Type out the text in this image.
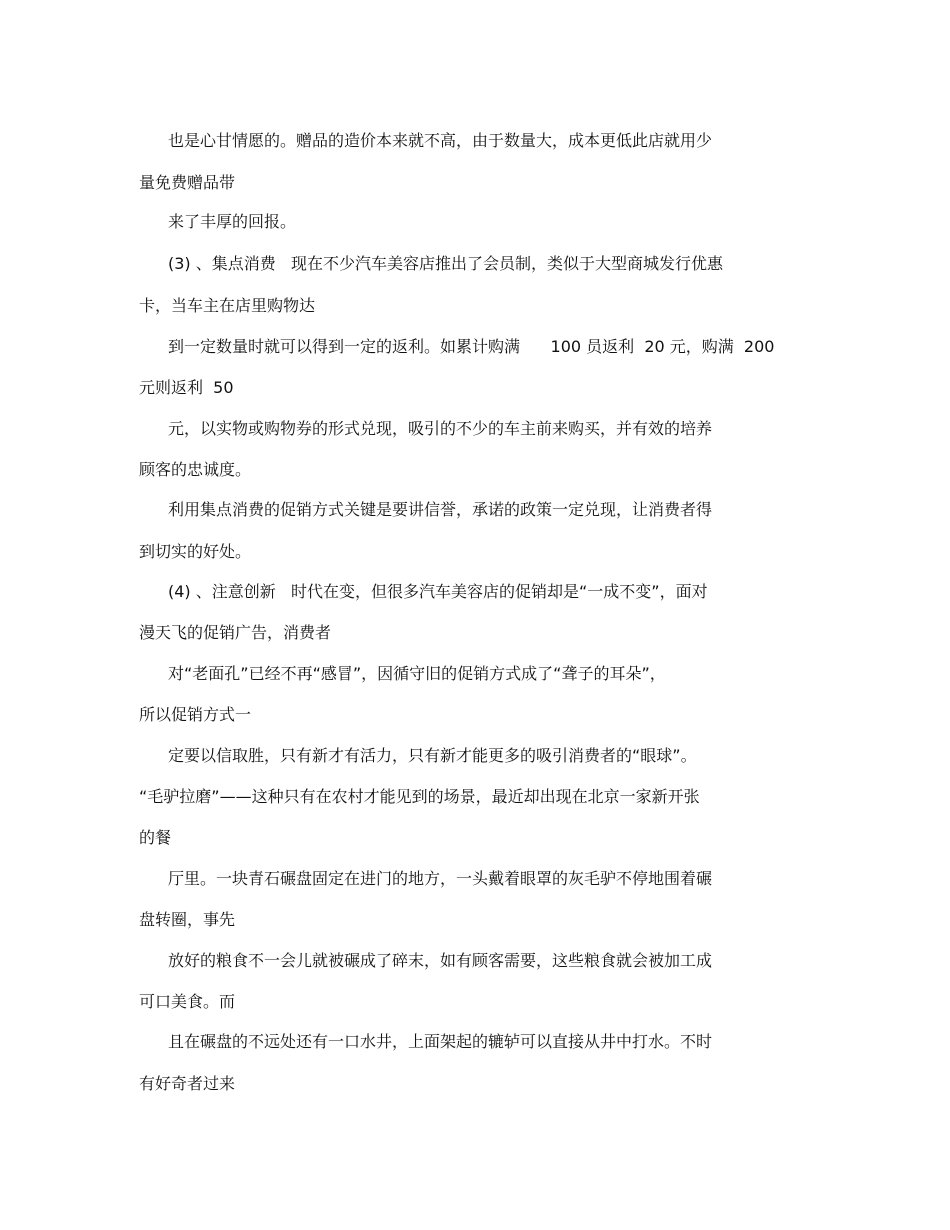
也是心甘情愿的。赠品的造价本来就不高，由于数量大，成本更低此店就用少
量免费赠品带
来了丰厚的回报。
(3) 、集点消费   现在不少汽车美容店推出了会员制，类似于大型商城发行优惠
卡，当车主在店里购物达
到一定数量时就可以得到一定的返利。如累计购满      100 员返利  20 元，购满  200
元则返利  50
元，以实物或购物券的形式兑现，吸引的不少的车主前来购买，并有效的培养
顾客的忠诚度。
利用集点消费的促销方式关键是要讲信誉，承诺的政策一定兑现，让消费者得
到切实的好处。
(4) 、注意创新   时代在变，但很多汽车美容店的促销却是“一成不变”，面对
漫天飞的促销广告，消费者
对“老面孔”已经不再“感冒”，因循守旧的促销方式成了“聋子的耳朵”，
所以促销方式一
定要以信取胜，只有新才有活力，只有新才能更多的吸引消费者的“眼球”。
“毛驴拉磨”——这种只有在农村才能见到的场景，最近却出现在北京一家新开张
的餐
厅里。一块青石碾盘固定在进门的地方，一头戴着眼罩的灰毛驴不停地围着碾
盘转圈，事先
放好的粮食不一会儿就被碾成了碎末，如有顾客需要，这些粮食就会被加工成
可口美食。而
且在碾盘的不远处还有一口水井，上面架起的辘轳可以直接从井中打水。不时
有好奇者过来
